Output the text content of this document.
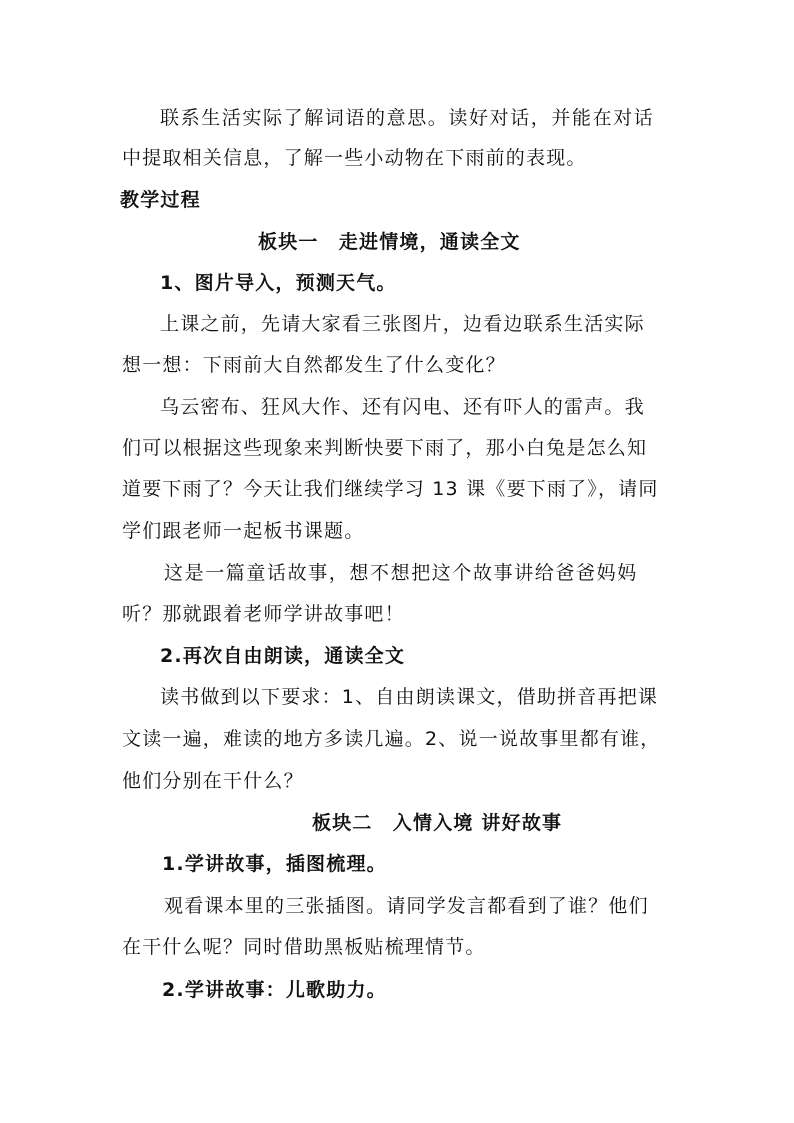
联系生活实际了解词语的意思。读好对话，并能在对话
中提取相关信息，了解一些小动物在下雨前的表现。
教学过程
板块一　走进情境，通读全文
1、图片导入，预测天气。
上课之前，先请大家看三张图片，边看边联系生活实际
想一想：下雨前大自然都发生了什么变化？
乌云密布、狂风大作、还有闪电、还有吓人的雷声。我
们可以根据这些现象来判断快要下雨了，那小白兔是怎么知
道要下雨了？今天让我们继续学习 13 课《要下雨了》，请同
学们跟老师一起板书课题。
这是一篇童话故事，想不想把这个故事讲给爸爸妈妈
听？那就跟着老师学讲故事吧！
2.再次自由朗读，通读全文
读书做到以下要求：1、自由朗读课文，借助拼音再把课
文读一遍，难读的地方多读几遍。2、说一说故事里都有谁，
他们分别在干什么？
板块二　入情入境 讲好故事
1.学讲故事，插图梳理。
观看课本里的三张插图。请同学发言都看到了谁？他们
在干什么呢？同时借助黑板贴梳理情节。
2.学讲故事：儿歌助力。
